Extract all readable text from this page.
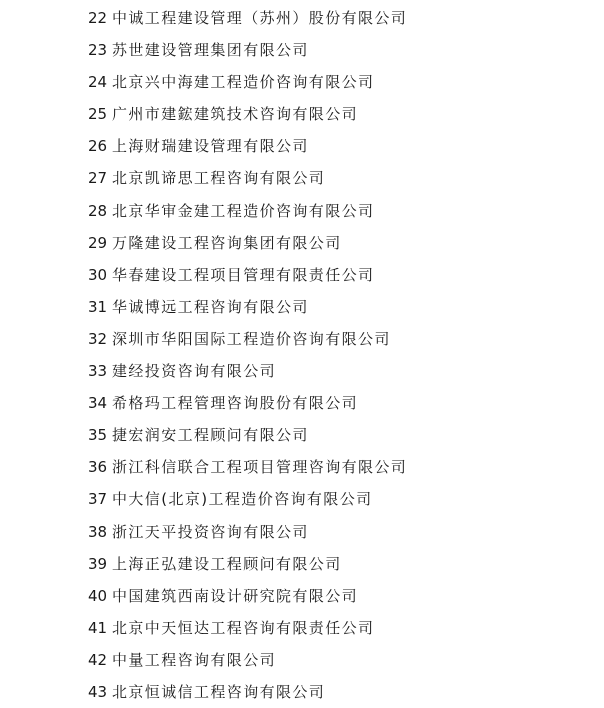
22 中诚工程建设管理（苏州）股份有限公司
23 苏世建设管理集团有限公司
24 北京兴中海建工程造价咨询有限公司
25 广州市建鋐建筑技术咨询有限公司
26 上海财瑞建设管理有限公司
27 北京凯谛思工程咨询有限公司
28 北京华审金建工程造价咨询有限公司
29 万隆建设工程咨询集团有限公司
30 华春建设工程项目管理有限责任公司
31 华诚博远工程咨询有限公司
32 深圳市华阳国际工程造价咨询有限公司
33 建经投资咨询有限公司
34 希格玛工程管理咨询股份有限公司
35 捷宏润安工程顾问有限公司
36 浙江科信联合工程项目管理咨询有限公司
37 中大信(北京)工程造价咨询有限公司
38 浙江天平投资咨询有限公司
39 上海正弘建设工程顾问有限公司
40 中国建筑西南设计研究院有限公司
41 北京中天恒达工程咨询有限责任公司
42 中量工程咨询有限公司
43 北京恒诚信工程咨询有限公司
